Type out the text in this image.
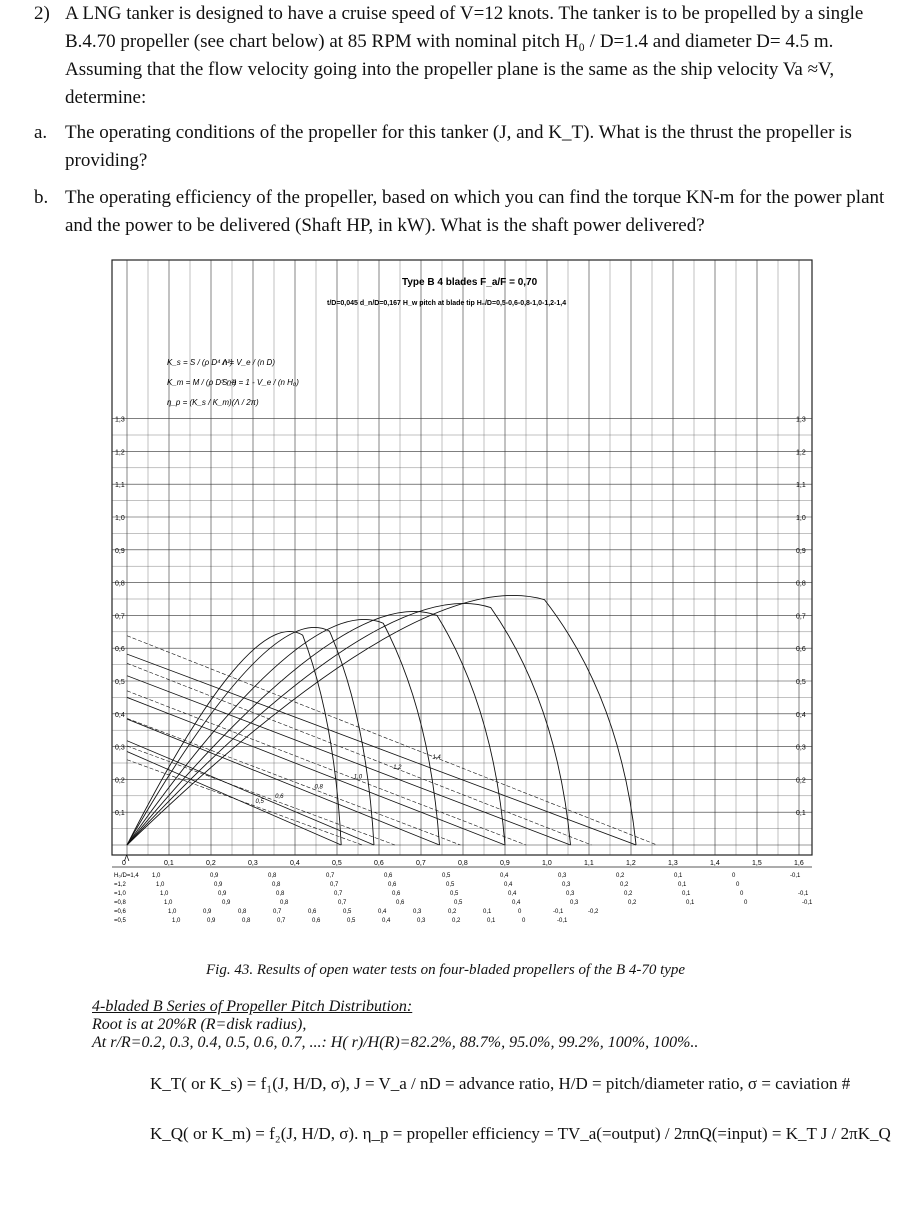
2) A LNG tanker is designed to have a cruise speed of V=12 knots. The tanker is to be propelled by a single B.4.70 propeller (see chart below) at 85 RPM with nominal pitch H₀ / D=1.4 and diameter D= 4.5 m. Assuming that the flow velocity going into the propeller plane is the same as the ship velocity Va ≈V, determine:
a. The operating conditions of the propeller for this tanker (J, and K_T). What is the thrust the propeller is providing?
b. The operating efficiency of the propeller, based on which you can find the torque KN-m for the power plant and the power to be delivered (Shaft HP, in kW). What is the shaft power delivered?
0,5
0,6
0,8
1,0
1,2
1,4
Λ
Type B 4 blades F_a/F = 0,70
t/D=0,045 d_n/D=0,167 H_w pitch at blade tip H₀/D=0,5-0,6-0,8-1,0-1,2-1,4
K_s = S / (ρ D⁴ n²)
Λ = V_e / (n D)
K_m = M / (ρ D⁵ n²)
S_a = 1 - V_e / (n H₀)
η_p = (K_s / K_m)(Λ / 2π)
0,1	0,1
0,2	0,2
0,3	0,3
0,4	0,4
0,5	0,5
0,6	0,6
0,7	0,7
0,8	0,8
0,9	0,9
1,0	1,0
1,1	1,1
1,2	1,2
1,3	1,3
0	0,1	0,2	0,3	0,4	0,5	0,6	0,7	0,8	0,9	1,0	1,1	1,2	1,3	1,4	1,5	1,6
H₀/D=1,4 1,0	0,9	0,8	0,7	0,6	0,5	0,4	0,3	0,2	0,1	0	-0,1
=1,2	1,0	0,9	0,8	0,7	0,6	0,5	0,4	0,3	0,2	0,1	0
=1,0	1,0	0,9	0,8	0,7	0,6	0,5	0,4	0,3	0,2	0,1	0	-0,1
=0,8	1,0	0,9	0,8	0,7	0,6	0,5	0,4	0,3	0,2	0,1	0	-0,1
=0,6	1,0	0,9	0,8	0,7	0,6	0,5	0,4	0,3	0,2	0,1	0	-0,1	-0,2
=0,5	1,0	0,9	0,8	0,7	0,6	0,5	0,4	0,3	0,2	0,1	0	-0,1
Fig. 43. Results of open water tests on four-bladed propellers of the B 4-70 type
4-bladed B Series of Propeller Pitch Distribution:
Root is at 20%R (R=disk radius),
At r/R=0.2, 0.3, 0.4, 0.5, 0.6, 0.7, ...: H( r)/H(R)=82.2%, 88.7%, 95.0%, 99.2%, 100%, 100%..
K_T( or K_s) = f₁(J, H/D, σ), J = V_a / nD = advance ratio, H/D = pitch/diameter ratio, σ = caviation #
K_Q( or K_m) = f₂(J, H/D, σ). η_p = propeller efficiency = TV_a(=output) / 2πnQ(=input) = K_T J / 2πK_Q
